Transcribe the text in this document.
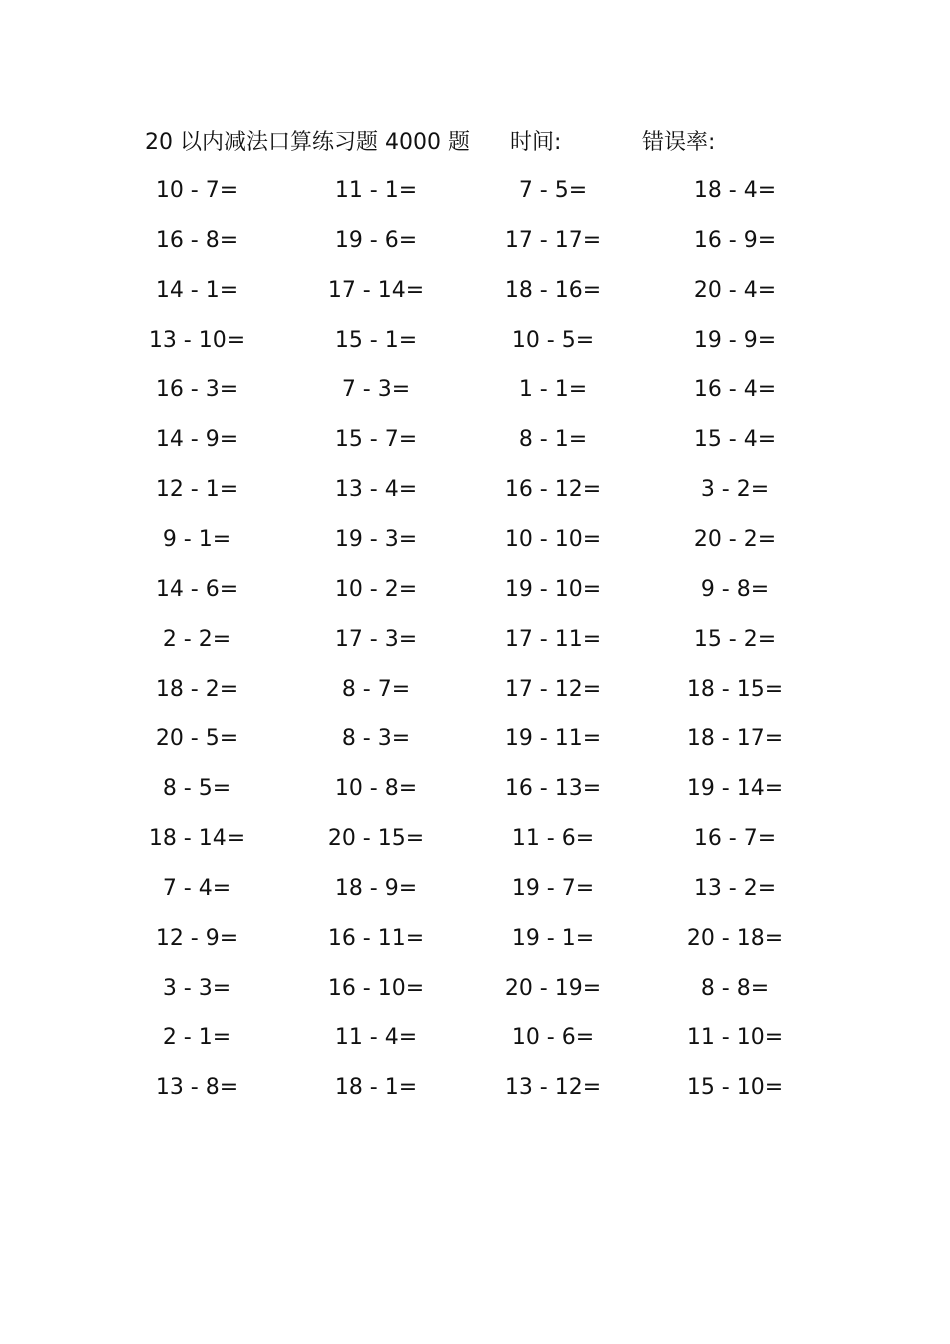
20 以内减法口算练习题 4000 题 时间:	错误率:
10 - 7=	11 - 1=	7 - 5=	18 - 4=
16 - 8=	19 - 6=	17 - 17=	16 - 9=
14 - 1=	17 - 14=	18 - 16=	20 - 4=
13 - 10=	15 - 1=	10 - 5=	19 - 9=
16 - 3=	7 - 3=	1 - 1=	16 - 4=
14 - 9=	15 - 7=	8 - 1=	15 - 4=
12 - 1=	13 - 4=	16 - 12=	3 - 2=
9 - 1=	19 - 3=	10 - 10=	20 - 2=
14 - 6=	10 - 2=	19 - 10=	9 - 8=
2 - 2=	17 - 3=	17 - 11=	15 - 2=
18 - 2=	8 - 7=	17 - 12=	18 - 15=
20 - 5=	8 - 3=	19 - 11=	18 - 17=
8 - 5=	10 - 8=	16 - 13=	19 - 14=
18 - 14=	20 - 15=	11 - 6=	16 - 7=
7 - 4=	18 - 9=	19 - 7=	13 - 2=
12 - 9=	16 - 11=	19 - 1=	20 - 18=
3 - 3=	16 - 10=	20 - 19=	8 - 8=
2 - 1=	11 - 4=	10 - 6=	11 - 10=
13 - 8=	18 - 1=	13 - 12=	15 - 10=
